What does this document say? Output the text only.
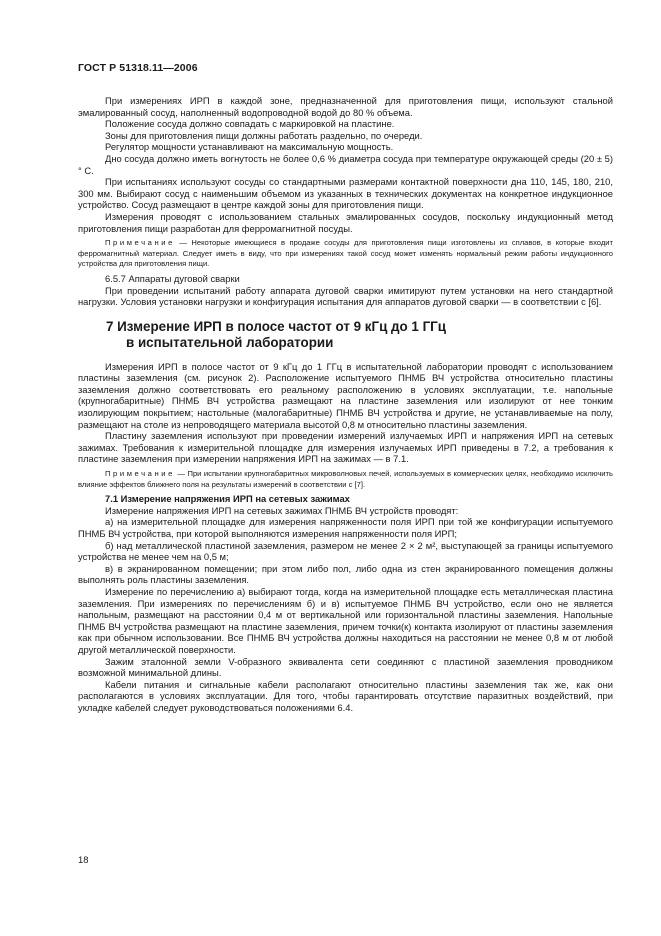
ГОСТ Р 51318.11—2006

При измерениях ИРП в каждой зоне, предназначенной для приготовления пищи, используют стальной эмалированный сосуд, наполненный водопроводной водой до 80 % объема.

Положение сосуда должно совпадать с маркировкой на пластине.

Зоны для приготовления пищи должны работать раздельно, по очереди.

Регулятор мощности устанавливают на максимальную мощность.

Дно сосуда должно иметь вогнутость не более 0,6 % диаметра сосуда при температуре окружающей среды (20 ± 5) ° C.

При испытаниях используют сосуды со стандартными размерами контактной поверхности дна 110, 145, 180, 210, 300 мм. Выбирают сосуд с наименьшим объемом из указанных в технических документах на конкретное индукционное устройство. Сосуд размещают в центре каждой зоны для приготовления пищи.

Измерения проводят с использованием стальных эмалированных сосудов, поскольку индукционный метод приготовления пищи разработан для ферромагнитной посуды.

Примечание — Некоторые имеющиеся в продаже сосуды для приготовления пищи изготовлены из сплавов, в которые входит ферромагнитный материал. Следует иметь в виду, что при измерениях такой сосуд может изменять нормальный режим работы индукционного устройства для приготовления пищи.

6.5.7 Аппараты дуговой сварки

При проведении испытаний работу аппарата дуговой сварки имитируют путем установки на него стандартной нагрузки. Условия установки нагрузки и конфигурация испытания для аппаратов дуговой сварки — в соответствии с [6].

7 Измерение ИРП в полосе частот от 9 кГц до 1 ГГц
в испытательной лаборатории

Измерения ИРП в полосе частот от 9 кГц до 1 ГГц в испытательной лаборатории проводят с использованием пластины заземления (см. рисунок 2). Расположение испытуемого ПНМБ ВЧ устройства относительно пластины заземления должно соответствовать его реальному расположению в условиях эксплуатации, т.е. напольные (крупногабаритные) ПНМБ ВЧ устройства размещают на пластине заземления или изолируют от нее тонким изолирующим покрытием; настольные (малогабаритные) ПНМБ ВЧ устройства и другие, не устанавливаемые на полу, размещают на столе из непроводящего материала высотой 0,8 м относительно пластины заземления.

Пластину заземления используют при проведении измерений излучаемых ИРП и напряжения ИРП на сетевых зажимах. Требования к измерительной площадке для измерения излучаемых ИРП приведены в 7.2, а требования к пластине заземления при измерении напряжения ИРП на зажимах — в 7.1.

Примечание — При испытании крупногабаритных микроволновых печей, используемых в коммерческих целях, необходимо исключить влияние эффектов ближнего поля на результаты измерений в соответствии с [7].

7.1 Измерение напряжения ИРП на сетевых зажимах

Измерение напряжения ИРП на сетевых зажимах ПНМБ ВЧ устройств проводят:

а) на измерительной площадке для измерения напряженности поля ИРП при той же конфигурации испытуемого ПНМБ ВЧ устройства, при которой выполняются измерения напряженности поля ИРП;

б) над металлической пластиной заземления, размером не менее 2 × 2 м², выступающей за границы испытуемого устройства не менее чем на 0,5 м;

в) в экранированном помещении; при этом либо пол, либо одна из стен экранированного помещения должны выполнять роль пластины заземления.

Измерение по перечислению а) выбирают тогда, когда на измерительной площадке есть металлическая пластина заземления. При измерениях по перечислениям б) и в) испытуемое ПНМБ ВЧ устройство, если оно не является напольным, размещают на расстоянии 0,4 м от вертикальной или горизонтальной пластины заземления. Напольные ПНМБ ВЧ устройства размещают на пластине заземления, причем точки(к) контакта изолируют от пластины заземления как при обычном использовании. Все ПНМБ ВЧ устройства должны находиться на расстоянии не менее 0,8 м от любой другой металлической поверхности.

Зажим эталонной земли V-образного эквивалента сети соединяют с пластиной заземления проводником возможной минимальной длины.

Кабели питания и сигнальные кабели располагают относительно пластины заземления так же, как они располагаются в условиях эксплуатации. Для того, чтобы гарантировать отсутствие паразитных воздействий, при укладке кабелей следует руководствоваться положениями 6.4.

18
